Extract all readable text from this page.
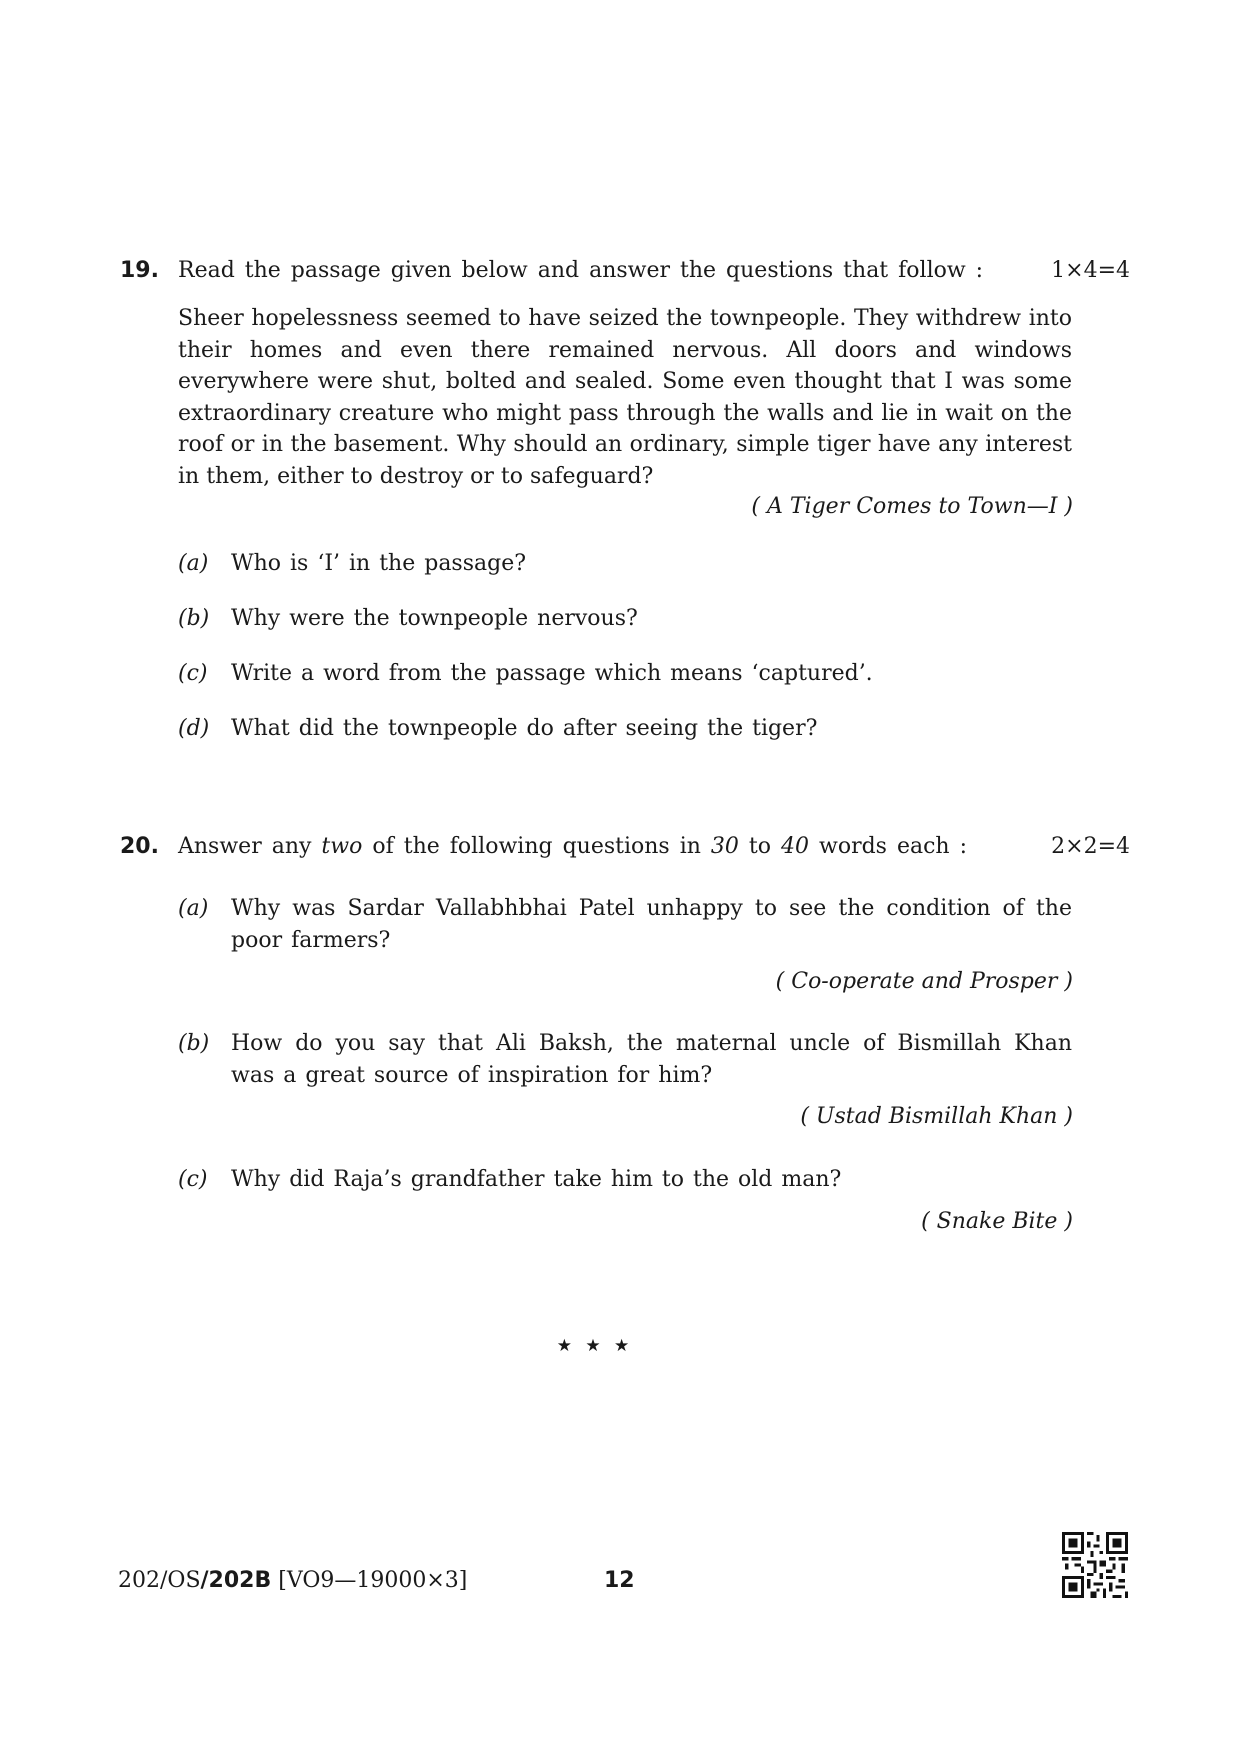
19. Read the passage given below and answer the questions that follow :	1×4=4
Sheer hopelessness seemed to have seized the townpeople. They withdrew into their homes and even there remained nervous. All doors and windows everywhere were shut, bolted and sealed. Some even thought that I was some extraordinary creature who might pass through the walls and lie in wait on the roof or in the basement. Why should an ordinary, simple tiger have any interest in them, either to destroy or to safeguard?
( A Tiger Comes to Town—I )
(a) Who is ‘I’ in the passage?
(b) Why were the townpeople nervous?
(c) Write a word from the passage which means ‘captured’.
(d) What did the townpeople do after seeing the tiger?
20. Answer any two of the following questions in 30 to 40 words each :	2×2=4
(a) Why was Sardar Vallabhbhai Patel unhappy to see the condition of the poor farmers?
( Co-operate and Prosper )
(b) How do you say that Ali Baksh, the maternal uncle of Bismillah Khan was a great source of inspiration for him?
( Ustad Bismillah Khan )
(c) Why did Raja’s grandfather take him to the old man?
( Snake Bite )
★ ★ ★
202/OS/202B [VO9—19000×3]	12
